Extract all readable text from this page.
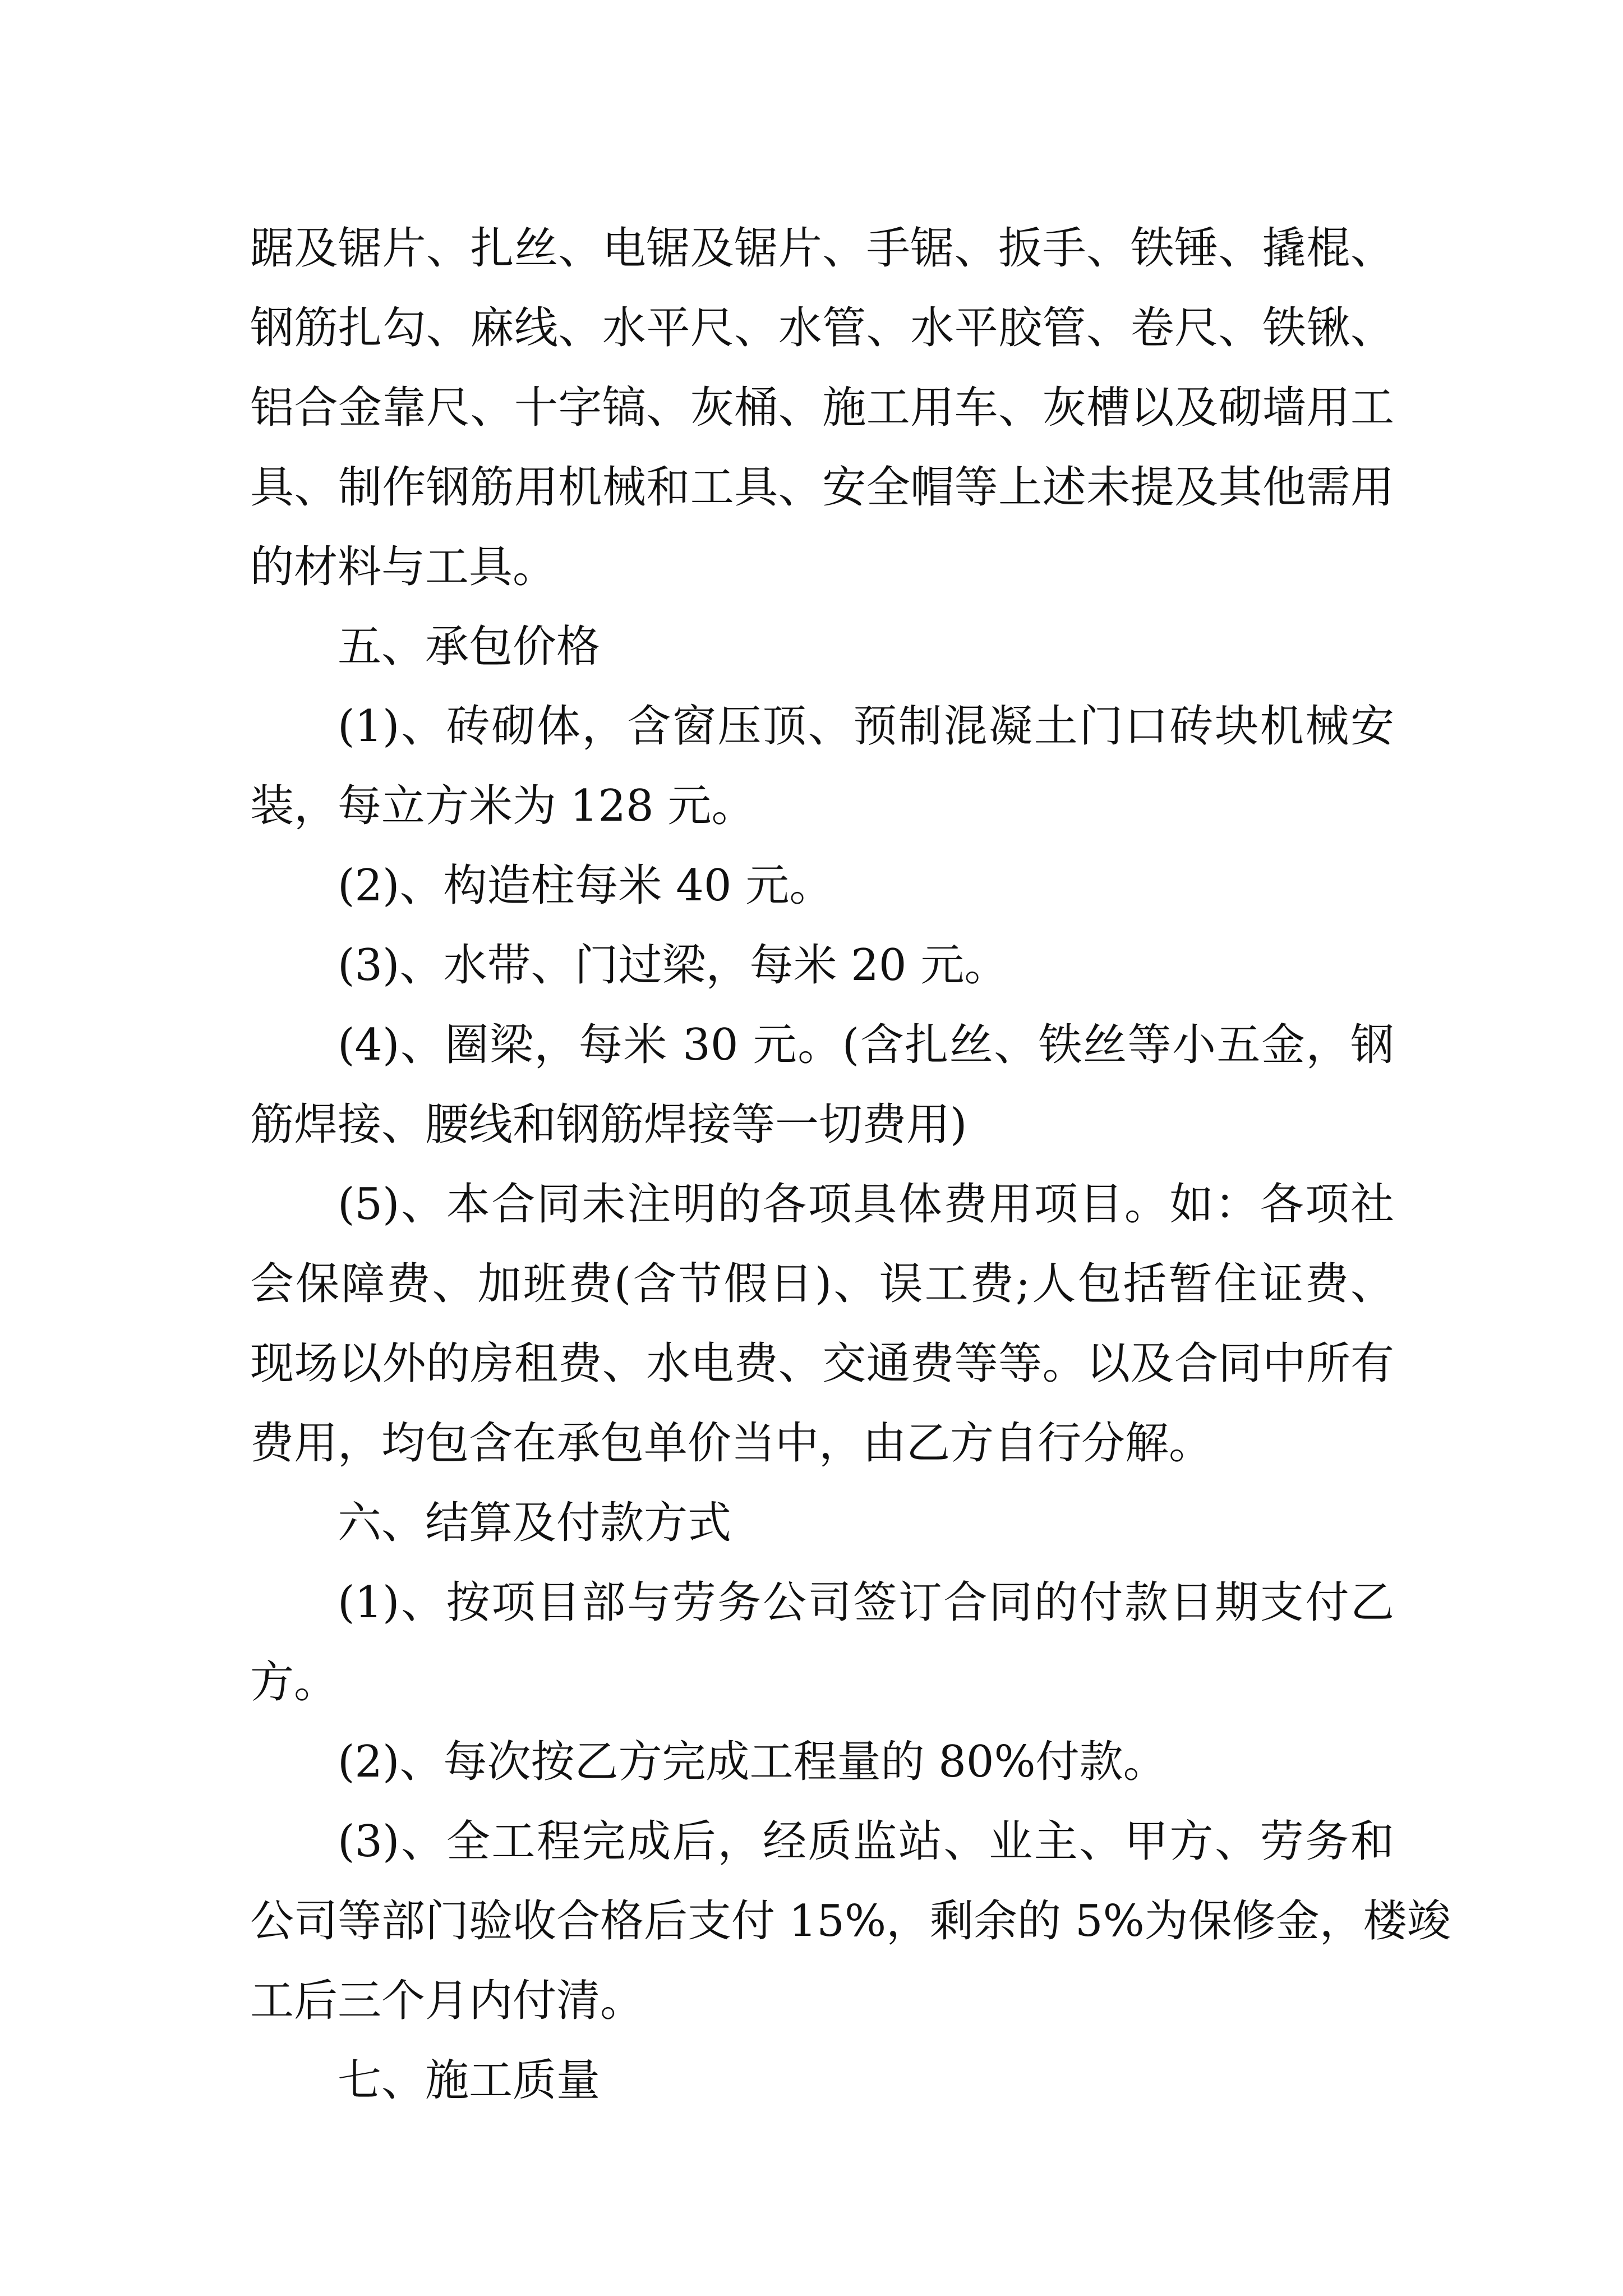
踞及锯片、扎丝、电锯及锯片、手锯、扳手、铁锤、撬棍、
钢筋扎勾、麻线、水平尺、水管、水平胶管、卷尺、铁锹、
铝合金靠尺、十字镐、灰桶、施工用车、灰槽以及砌墙用工
具、制作钢筋用机械和工具、安全帽等上述未提及其他需用
的材料与工具。
五、承包价格
(1)、砖砌体，含窗压顶、预制混凝土门口砖块机械安
装，每立方米为 128 元。
(2)、构造柱每米 40 元。
(3)、水带、门过梁，每米 20 元。
(4)、圈梁，每米 30 元。(含扎丝、铁丝等小五金，钢
筋焊接、腰线和钢筋焊接等一切费用)
(5)、本合同未注明的各项具体费用项目。如：各项社
会保障费、加班费(含节假日)、误工费;人包括暂住证费、
现场以外的房租费、水电费、交通费等等。以及合同中所有
费用，均包含在承包单价当中，由乙方自行分解。
六、结算及付款方式
(1)、按项目部与劳务公司签订合同的付款日期支付乙
方。
(2)、每次按乙方完成工程量的 80%付款。
(3)、全工程完成后，经质监站、业主、甲方、劳务和
公司等部门验收合格后支付 15%，剩余的 5%为保修金，楼竣
工后三个月内付清。
七、施工质量
